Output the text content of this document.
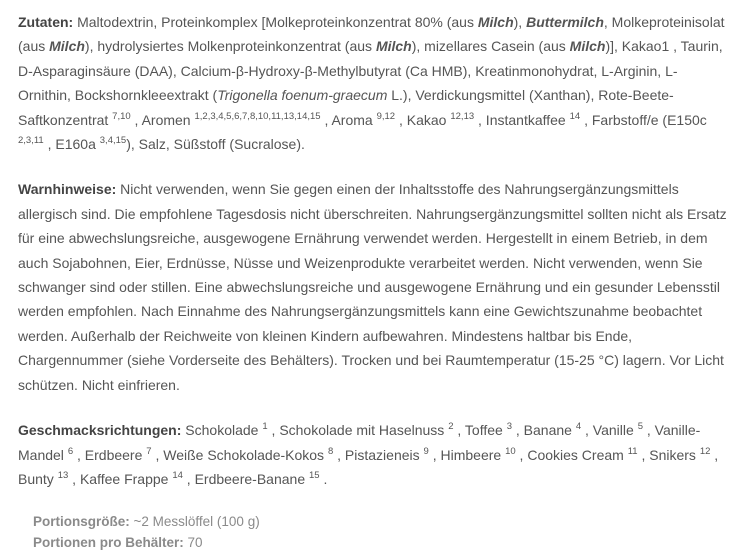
Zutaten: Maltodextrin, Proteinkomplex [Molkeproteinkonzentrat 80% (aus Milch), Buttermilch, Molkeproteinisolat (aus Milch), hydrolysiertes Molkenproteinkonzentrat (aus Milch), mizellares Casein (aus Milch)], Kakao1 , Taurin, D-Asparaginsäure (DAA), Calcium-β-Hydroxy-β-Methylbutyrat (Ca HMB), Kreatinmonohydrat, L-Arginin, L-Ornithin, Bockshornkleeextrakt (Trigonella foenum-graecum L.), Verdickungsmittel (Xanthan), Rote-Beete-Saftkonzentrat $^{7,10}$ , Aromen $^{1,2,3,4,5,6,7,8,10,11,13,14,15}$ , Aroma $^{9,12}$ , Kakao $^{12,13}$ , Instantkaffee $^{14}$ , Farbstoff/e (E150c $^{2,3,11}$ , E160a $^{3,4,15}$), Salz, Süßstoff (Sucralose).

Warnhinweise: Nicht verwenden, wenn Sie gegen einen der Inhaltsstoffe des Nahrungsergänzungsmittels allergisch sind. Die empfohlene Tagesdosis nicht überschreiten. Nahrungsergänzungsmittel sollten nicht als Ersatz für eine abwechslungsreiche, ausgewogene Ernährung verwendet werden. Hergestellt in einem Betrieb, in dem auch Sojabohnen, Eier, Erdnüsse, Nüsse und Weizenprodukte verarbeitet werden. Nicht verwenden, wenn Sie schwanger sind oder stillen. Eine abwechslungsreiche und ausgewogene Ernährung und ein gesunder Lebensstil werden empfohlen. Nach Einnahme des Nahrungsergänzungsmittels kann eine Gewichtszunahme beobachtet werden. Außerhalb der Reichweite von kleinen Kindern aufbewahren. Mindestens haltbar bis Ende, Chargennummer (siehe Vorderseite des Behälters). Trocken und bei Raumtemperatur (15-25 °C) lagern. Vor Licht schützen. Nicht einfrieren.

Geschmacksrichtungen: Schokolade $^1$ , Schokolade mit Haselnuss $^2$ , Toffee $^3$ , Banane $^4$ , Vanille $^5$ , Vanille-Mandel $^6$ , Erdbeere $^7$ , Weiße Schokolade-Kokos $^8$ , Pistazieneis $^9$ , Himbeere $^{10}$ , Cookies Cream $^{11}$ , Snikers $^{12}$ , Bunty $^{13}$ , Kaffee Frappe $^{14}$ , Erdbeere-Banane $^{15}$ .

Portionsgröße: ~2 Messlöffel (100 g)
Portionen pro Behälter: 70
